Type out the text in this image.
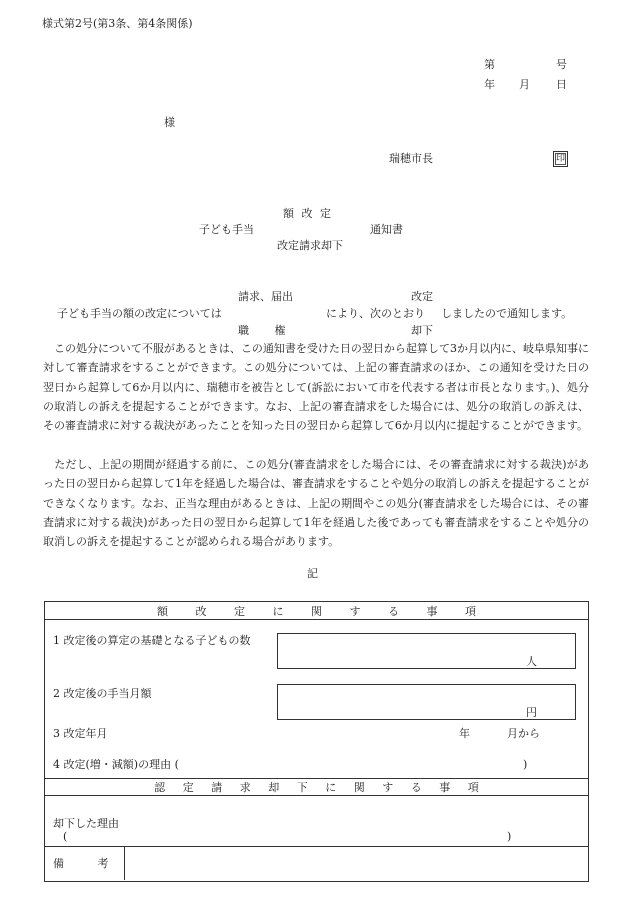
様式第2号(第3条、第4条関係)
第	号
年 月 日
様
瑞穂市長	印
額 改 定
子ども手当	通知書
改定請求却下
請求、届出	改定
子ども手当の額の改定については	により、次のとおり しましたので通知します。
職 権	却下
この処分について不服があるときは、この通知書を受けた日の翌日から起算して3か月以内に、岐阜県知事に対して審査請求をすることができます。この処分については、上記の審査請求のほか、この通知を受けた日の翌日から起算して6か月以内に、瑞穂市を被告として(訴訟において市を代表する者は市長となります。)、処分の取消しの訴えを提起することができます。なお、上記の審査請求をした場合には、処分の取消しの訴えは、その審査請求に対する裁決があったことを知った日の翌日から起算して6か月以内に提起することができます。
ただし、上記の期間が経過する前に、この処分(審査請求をした場合には、その審査請求に対する裁決)があった日の翌日から起算して1年を経過した場合は、審査請求をすることや処分の取消しの訴えを提起することができなくなります。なお、正当な理由があるときは、上記の期間やこの処分(審査請求をした場合には、その審査請求に対する裁決)があった日の翌日から起算して1年を経過した後であっても審査請求をすることや処分の取消しの訴えを提起することが認められる場合があります。
記
額 改 定 に 関 す る 事 項
1 改定後の算定の基礎となる子どもの数
人
2 改定後の手当月額
円
3 改定年月	年	月から
4 改定(増・減額)の理由 (	)
認 定 請 求 却 下 に 関 す る 事 項
却下した理由
(	)
備 考
